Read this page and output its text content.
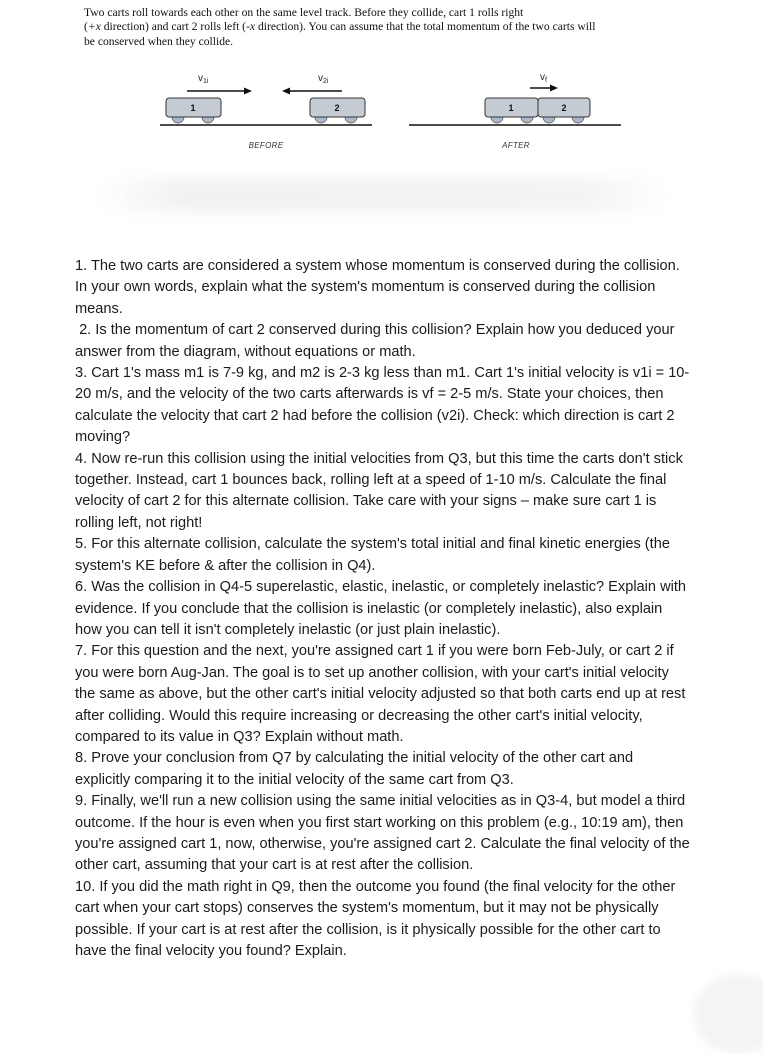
Two carts roll towards each other on the same level track. Before they collide, cart 1 rolls right
(+x direction) and cart 2 rolls left (-x direction). You can assume that the total momentum of the two carts will
be conserved when they collide.

$v_{1i}$	$v_{2i}$
1	2
BEFORE
$v_f$
1	2
AFTER

1. The two carts are considered a system whose momentum is conserved during the collision. In your own words, explain what the system's momentum is conserved during the collision means.

2. Is the momentum of cart 2 conserved during this collision? Explain how you deduced your answer from the diagram, without equations or math.

3. Cart 1's mass m1 is 7-9 kg, and m2 is 2-3 kg less than m1. Cart 1's initial velocity is v1i = 10-20 m/s, and the velocity of the two carts afterwards is vf = 2-5 m/s. State your choices, then calculate the velocity that cart 2 had before the collision (v2i). Check: which direction is cart 2 moving?

4. Now re-run this collision using the initial velocities from Q3, but this time the carts don't stick together. Instead, cart 1 bounces back, rolling left at a speed of 1-10 m/s. Calculate the final velocity of cart 2 for this alternate collision. Take care with your signs – make sure cart 1 is rolling left, not right!

5. For this alternate collision, calculate the system's total initial and final kinetic energies (the system's KE before & after the collision in Q4).

6. Was the collision in Q4-5 superelastic, elastic, inelastic, or completely inelastic? Explain with evidence. If you conclude that the collision is inelastic (or completely inelastic), also explain how you can tell it isn't completely inelastic (or just plain inelastic).

7. For this question and the next, you're assigned cart 1 if you were born Feb-July, or cart 2 if you were born Aug-Jan. The goal is to set up another collision, with your cart's initial velocity the same as above, but the other cart's initial velocity adjusted so that both carts end up at rest after colliding. Would this require increasing or decreasing the other cart's initial velocity, compared to its value in Q3? Explain without math.

8. Prove your conclusion from Q7 by calculating the initial velocity of the other cart and explicitly comparing it to the initial velocity of the same cart from Q3.

9. Finally, we'll run a new collision using the same initial velocities as in Q3-4, but model a third outcome. If the hour is even when you first start working on this problem (e.g., 10:19 am), then you're assigned cart 1, now, otherwise, you're assigned cart 2. Calculate the final velocity of the other cart, assuming that your cart is at rest after the collision.

10. If you did the math right in Q9, then the outcome you found (the final velocity for the other cart when your cart stops) conserves the system's momentum, but it may not be physically possible. If your cart is at rest after the collision, is it physically possible for the other cart to have the final velocity you found? Explain.
